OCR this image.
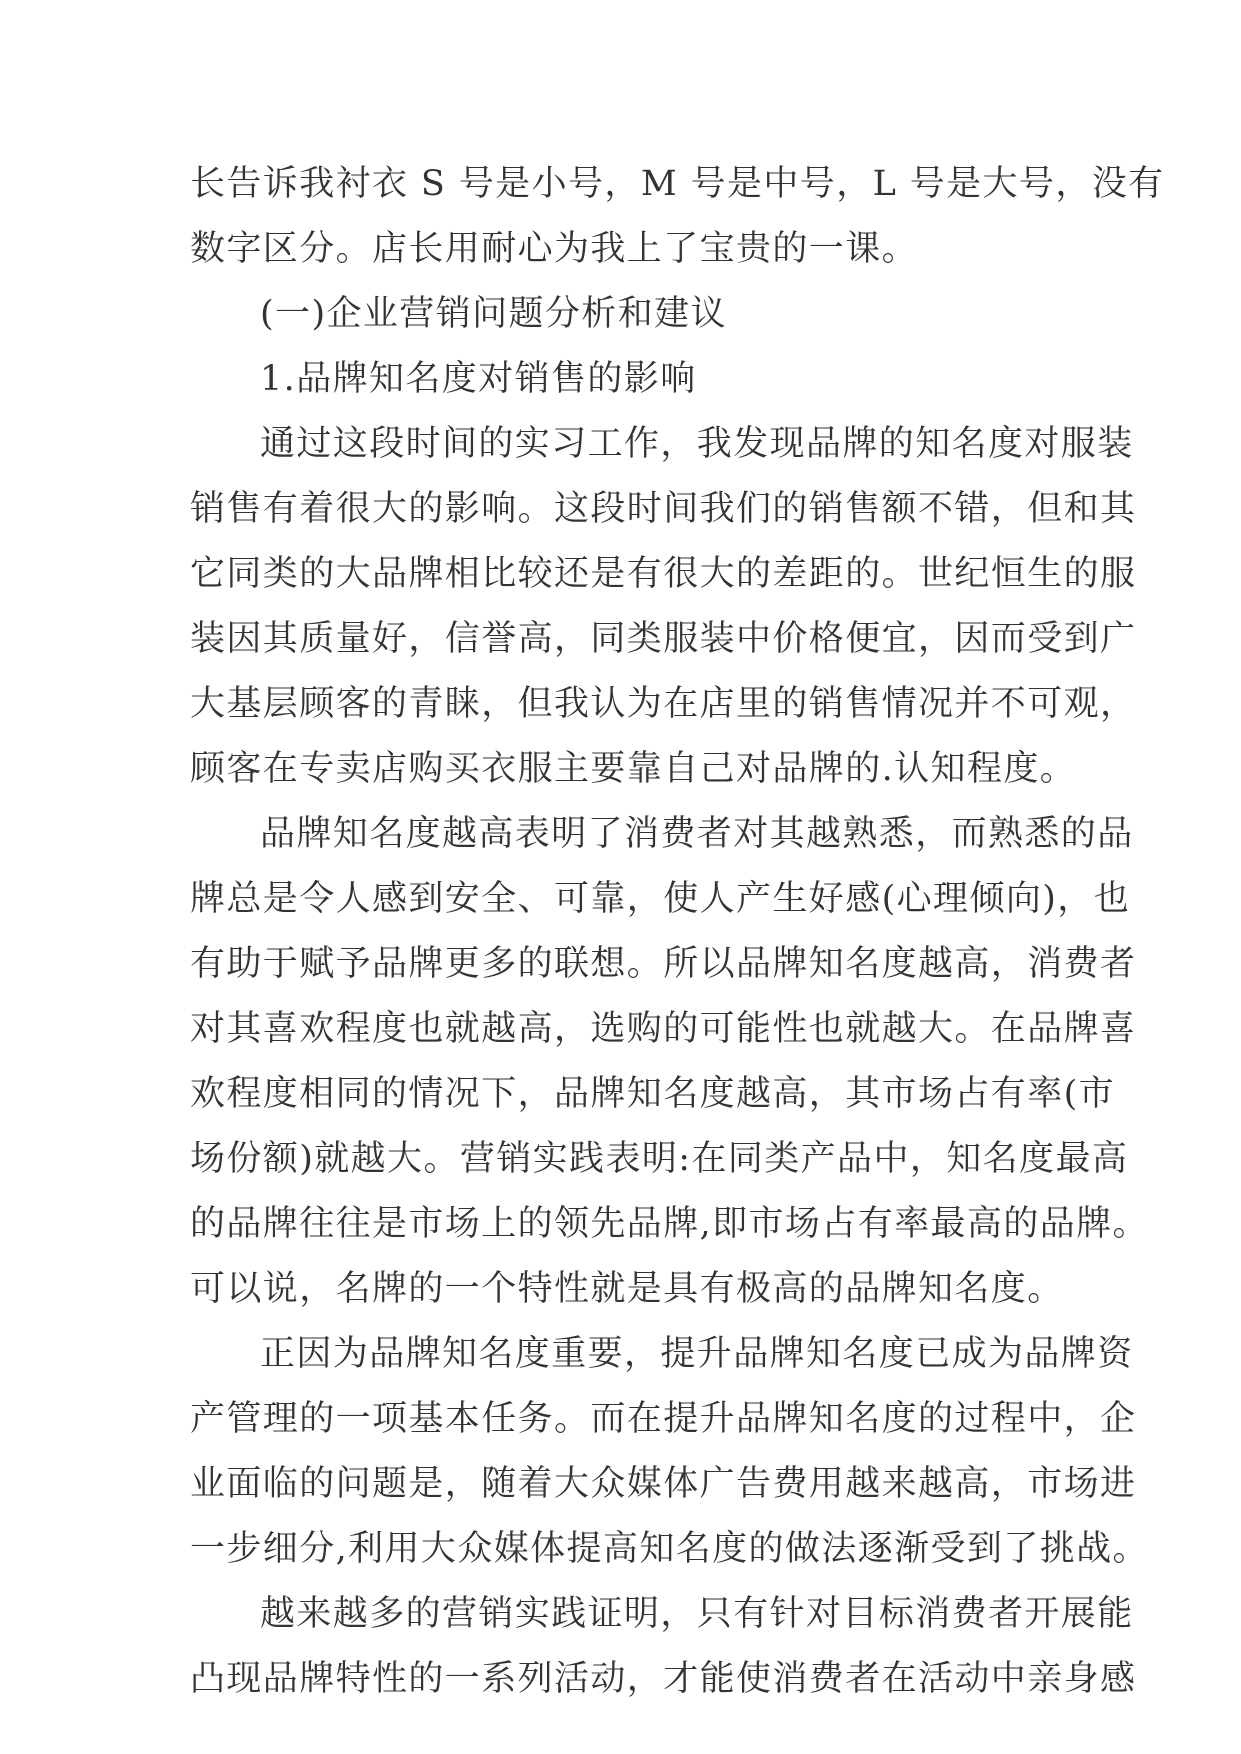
长告诉我衬衣 S 号是小号，M 号是中号，L 号是大号，没有
数字区分。店长用耐心为我上了宝贵的一课。
(一)企业营销问题分析和建议
1.品牌知名度对销售的影响
通过这段时间的实习工作，我发现品牌的知名度对服装
销售有着很大的影响。这段时间我们的销售额不错，但和其
它同类的大品牌相比较还是有很大的差距的。世纪恒生的服
装因其质量好，信誉高，同类服装中价格便宜，因而受到广
大基层顾客的青睐，但我认为在店里的销售情况并不可观，
顾客在专卖店购买衣服主要靠自己对品牌的.认知程度。
品牌知名度越高表明了消费者对其越熟悉，而熟悉的品
牌总是令人感到安全、可靠，使人产生好感(心理倾向)，也
有助于赋予品牌更多的联想。所以品牌知名度越高，消费者
对其喜欢程度也就越高，选购的可能性也就越大。在品牌喜
欢程度相同的情况下，品牌知名度越高，其市场占有率(市
场份额)就越大。营销实践表明:在同类产品中，知名度最高
的品牌往往是市场上的领先品牌,即市场占有率最高的品牌。
可以说，名牌的一个特性就是具有极高的品牌知名度。
正因为品牌知名度重要，提升品牌知名度已成为品牌资
产管理的一项基本任务。而在提升品牌知名度的过程中，企
业面临的问题是，随着大众媒体广告费用越来越高，市场进
一步细分,利用大众媒体提高知名度的做法逐渐受到了挑战。
越来越多的营销实践证明，只有针对目标消费者开展能
凸现品牌特性的一系列活动，才能使消费者在活动中亲身感
